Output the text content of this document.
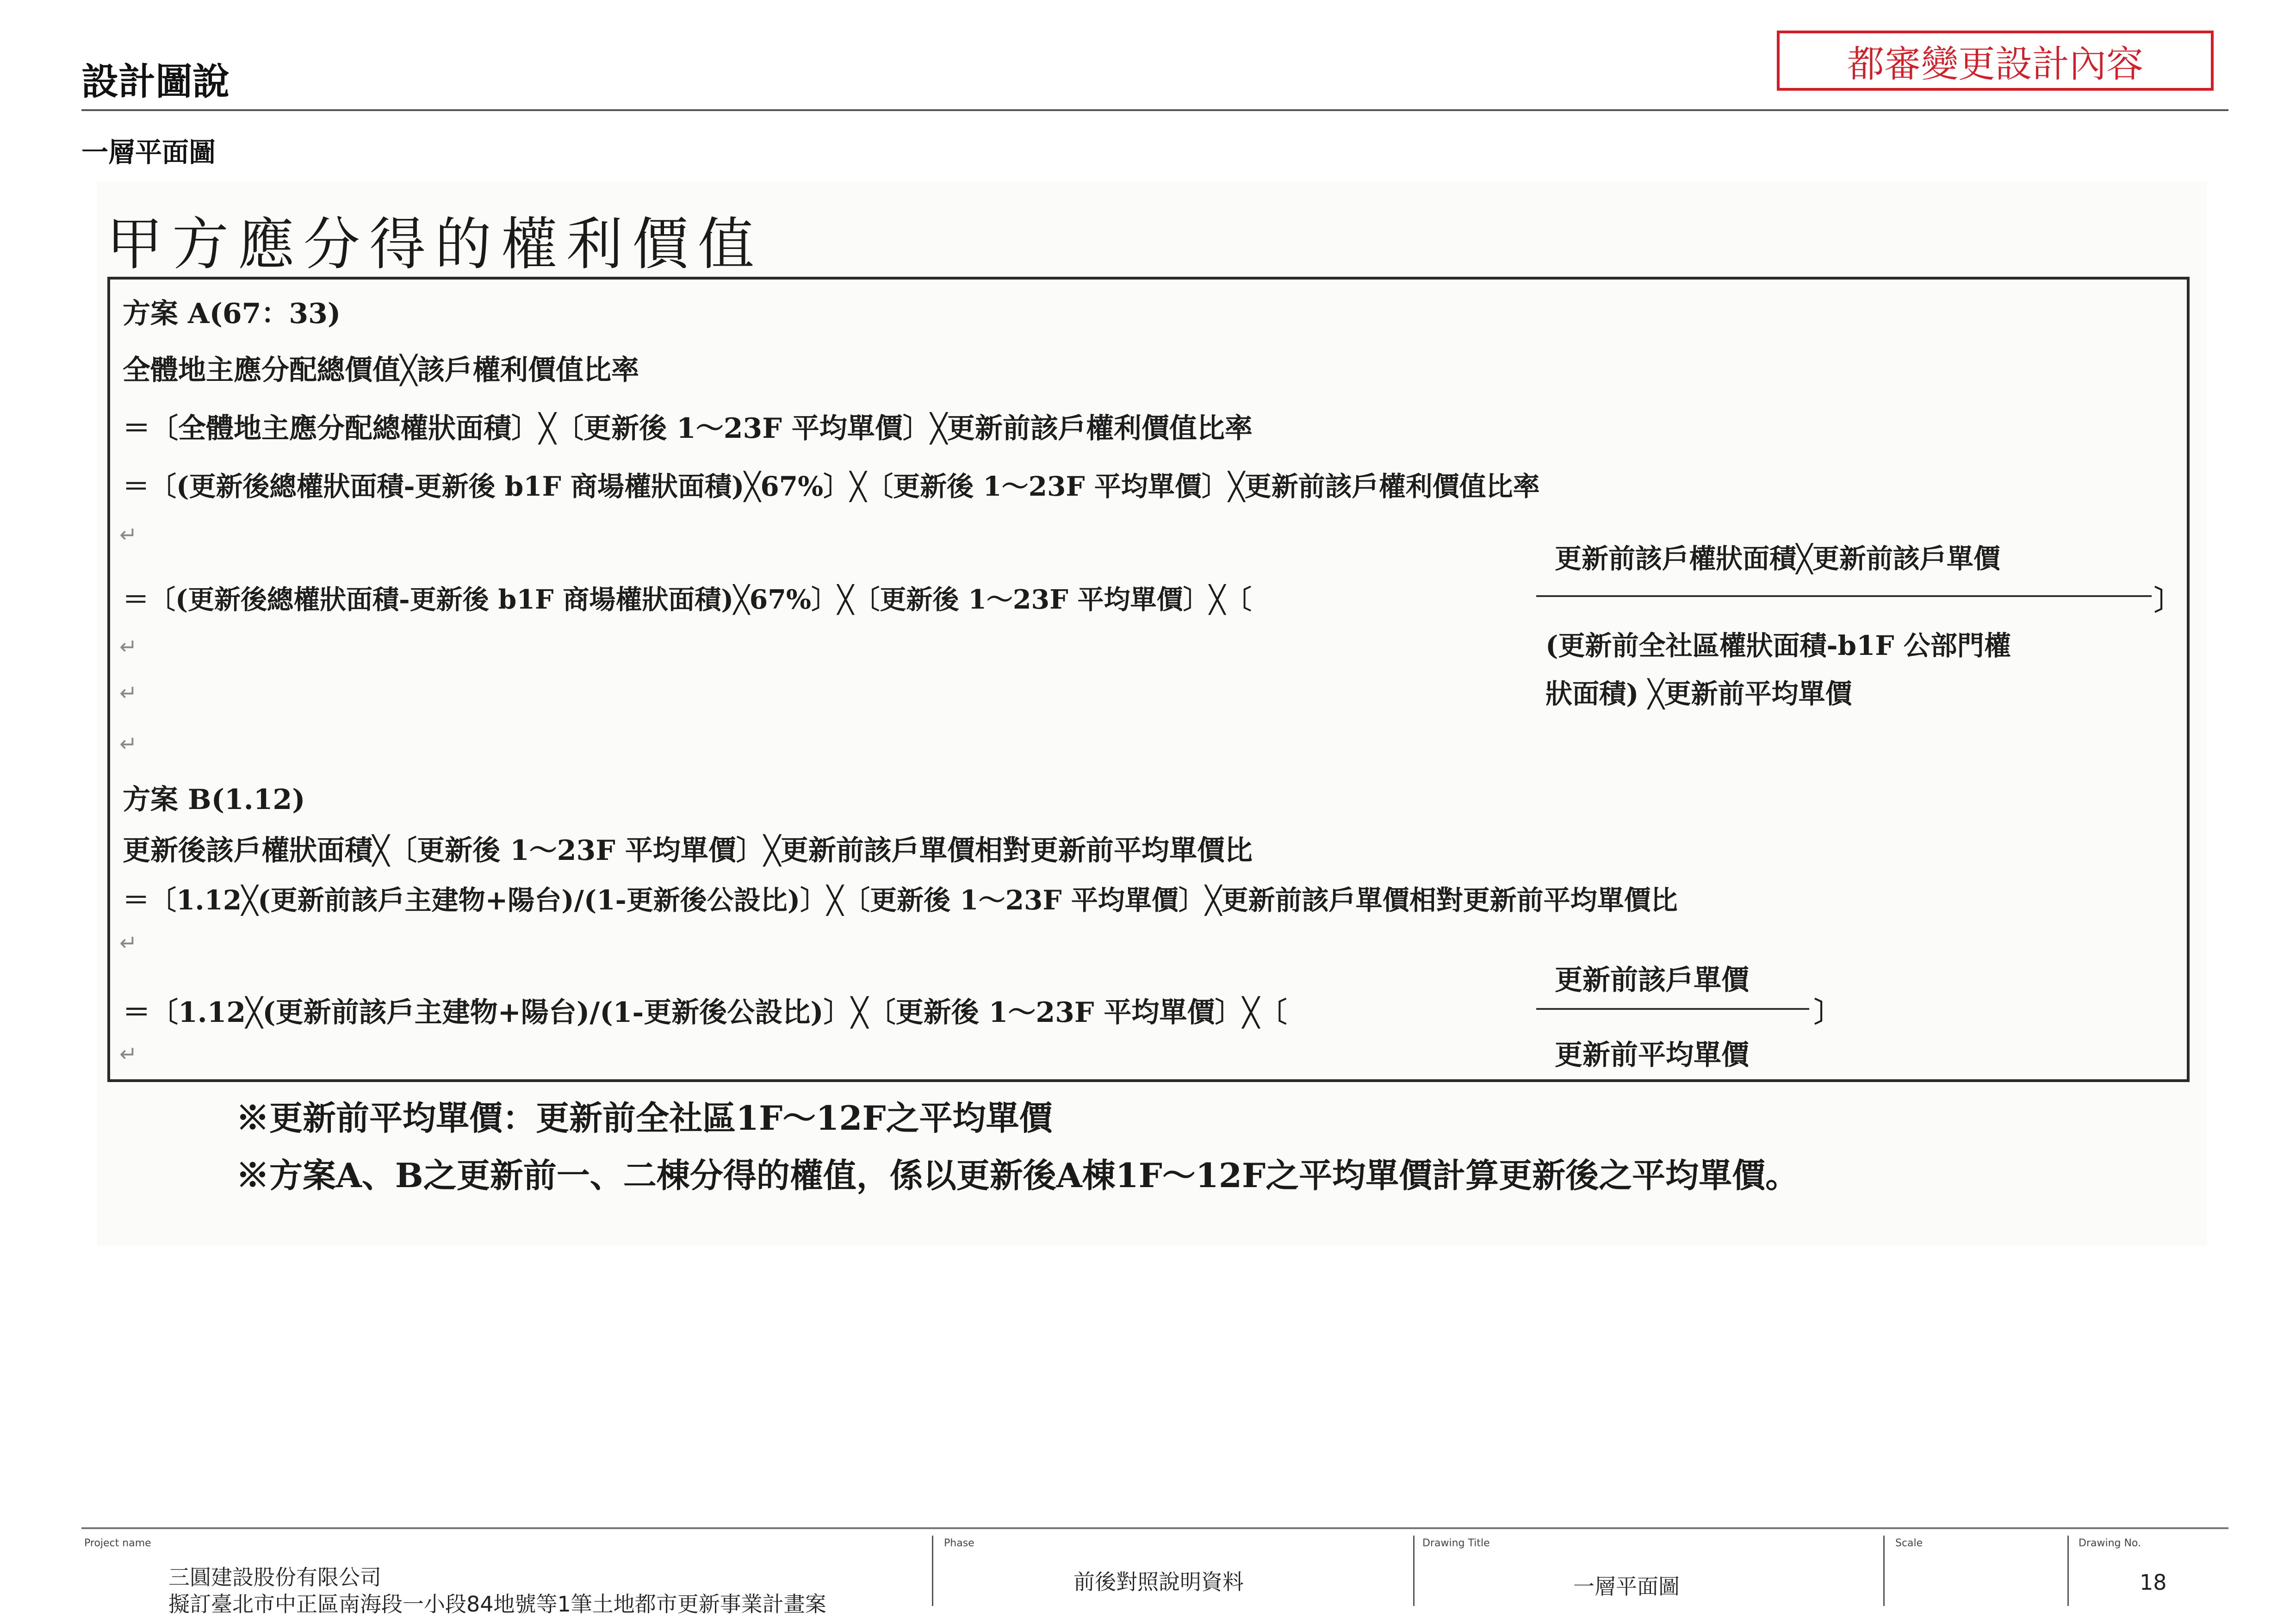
設計圖說	都審變更設計內容
一層平面圖
甲方應分得的權利價值
方案 A(67：33)
全體地主應分配總價值╳該戶權利價值比率
＝〔全體地主應分配總權狀面積〕╳〔更新後 1～23F 平均單價〕╳更新前該戶權利價值比率
＝〔(更新後總權狀面積-更新後 b1F 商場權狀面積)╳67%〕╳〔更新後 1～23F 平均單價〕╳更新前該戶權利價值比率
↵
＝〔(更新後總權狀面積-更新後 b1F 商場權狀面積)╳67%〕╳〔更新後 1～23F 平均單價〕╳〔
更新前該戶權狀面積╳更新前該戶單價
〕
(更新前全社區權狀面積-b1F 公部門權
狀面積) ╳更新前平均單價
↵
↵
↵
方案 B(1.12)
更新後該戶權狀面積╳〔更新後 1～23F 平均單價〕╳更新前該戶單價相對更新前平均單價比
＝〔1.12╳(更新前該戶主建物+陽台)/(1-更新後公設比)〕╳〔更新後 1～23F 平均單價〕╳更新前該戶單價相對更新前平均單價比
↵
＝〔1.12╳(更新前該戶主建物+陽台)/(1-更新後公設比)〕╳〔更新後 1～23F 平均單價〕╳〔
更新前該戶單價
〕
更新前平均單價
↵
※更新前平均單價：更新前全社區1F～12F之平均單價
※方案A、B之更新前一、二棟分得的權值，係以更新後A棟1F～12F之平均單價計算更新後之平均單價。
Project name
三圓建設股份有限公司
擬訂臺北市中正區南海段一小段84地號等1筆土地都市更新事業計畫案
Phase
前後對照說明資料
Drawing Title
一層平面圖
Scale	Drawing No.
18
